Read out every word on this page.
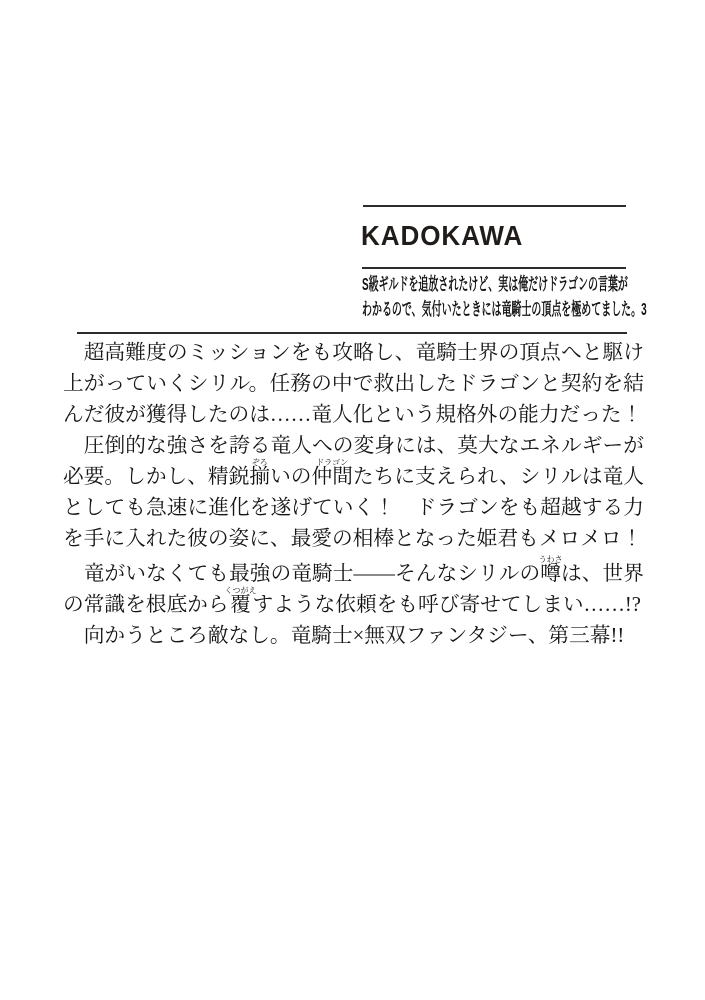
KADOKAWA
S級ギルドを追放されたけど、実は俺だけドラゴンの言葉が
わかるので、気付いたときには竜騎士の頂点を極めてました。3

超高難度のミッションをも攻略し、竜騎士界の頂点へと駆け上がっていくシリル。任務の中で救出したドラゴンと契約を結んだ彼が獲得したのは……竜人化という規格外の能力だった！

圧倒的な強さを誇る竜人への変身には、莫大なエネルギーが必要。しかし、精鋭揃ぞろいの仲間ドラゴンたちに支えられ、シリルは竜人としても急速に進化を遂げていく！　ドラゴンをも超越する力を手に入れた彼の姿に、最愛の相棒となった姫君もメロメロ！

竜がいなくても最強の竜騎士――そんなシリルの噂うわさは、世界の常識を根底から覆くつがえすような依頼をも呼び寄せてしまい……!?

向かうところ敵なし。竜騎士×無双ファンタジー、第三幕!!
